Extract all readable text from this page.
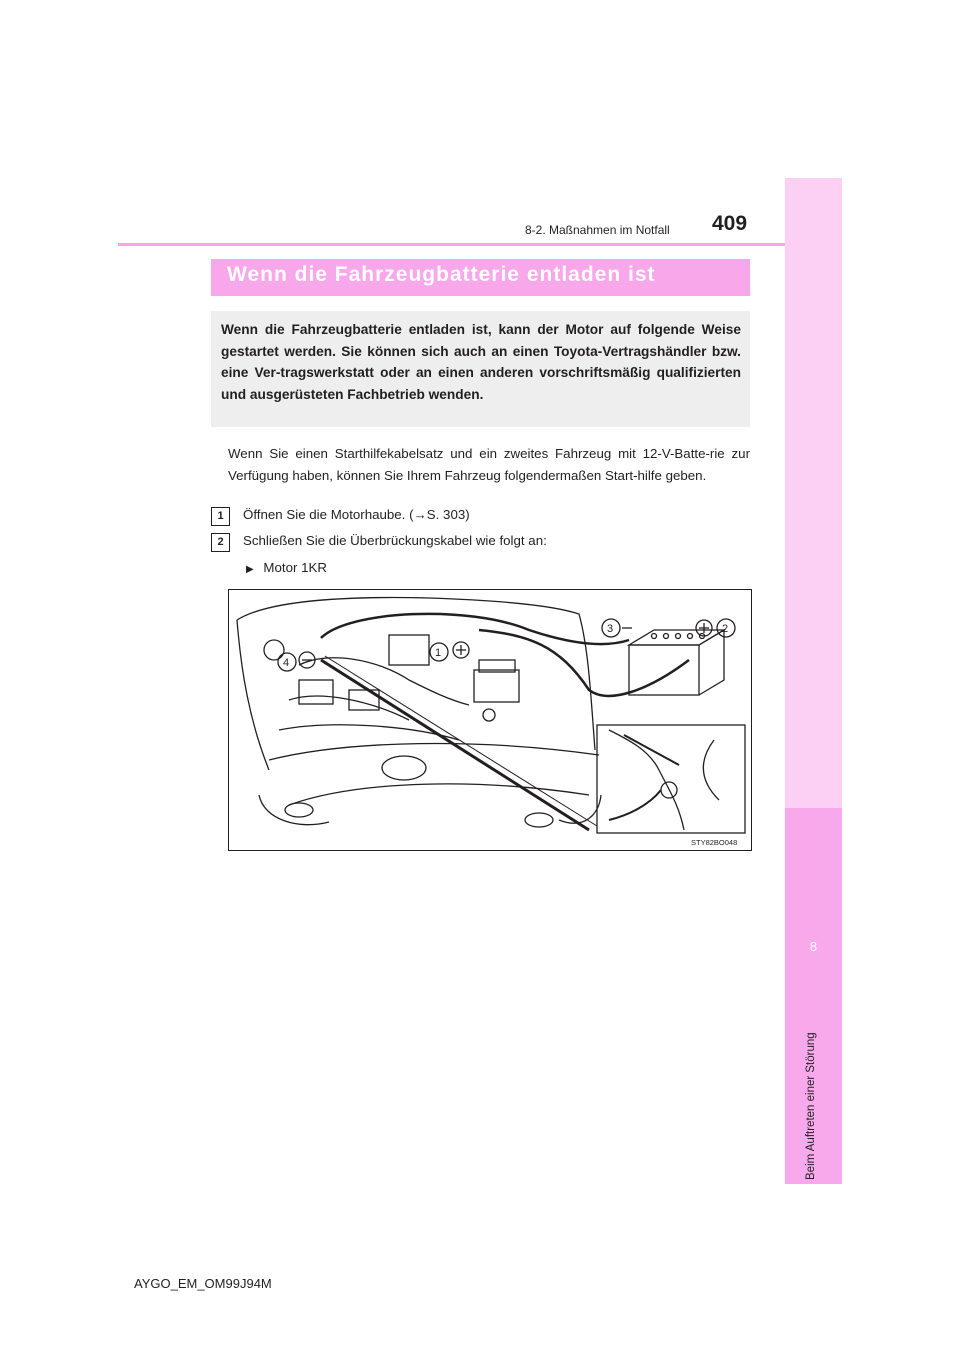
8
Beim Auftreten einer Störung
8-2. Maßnahmen im Notfall 409
Wenn die Fahrzeugbatterie entladen ist

Wenn die Fahrzeugbatterie entladen ist, kann der Motor auf folgende Weise gestartet werden. Sie können sich auch an einen Toyota-Vertragshändler bzw. eine Ver-tragswerkstatt oder an einen anderen vorschriftsmäßig qualifizierten und ausgerüsteten Fachbetrieb wenden.

Wenn Sie einen Starthilfekabelsatz und ein zweites Fahrzeug mit 12-V-Batte-rie zur Verfügung haben, können Sie Ihrem Fahrzeug folgendermaßen Start-hilfe geben.

1	Öffnen Sie die Motorhaube. (→S. 303)
2	Schließen Sie die Überbrückungskabel wie folgt an:
▶ Motor 1KR
3	2
1
4
STY82BO048
AYGO_EM_OM99J94M
